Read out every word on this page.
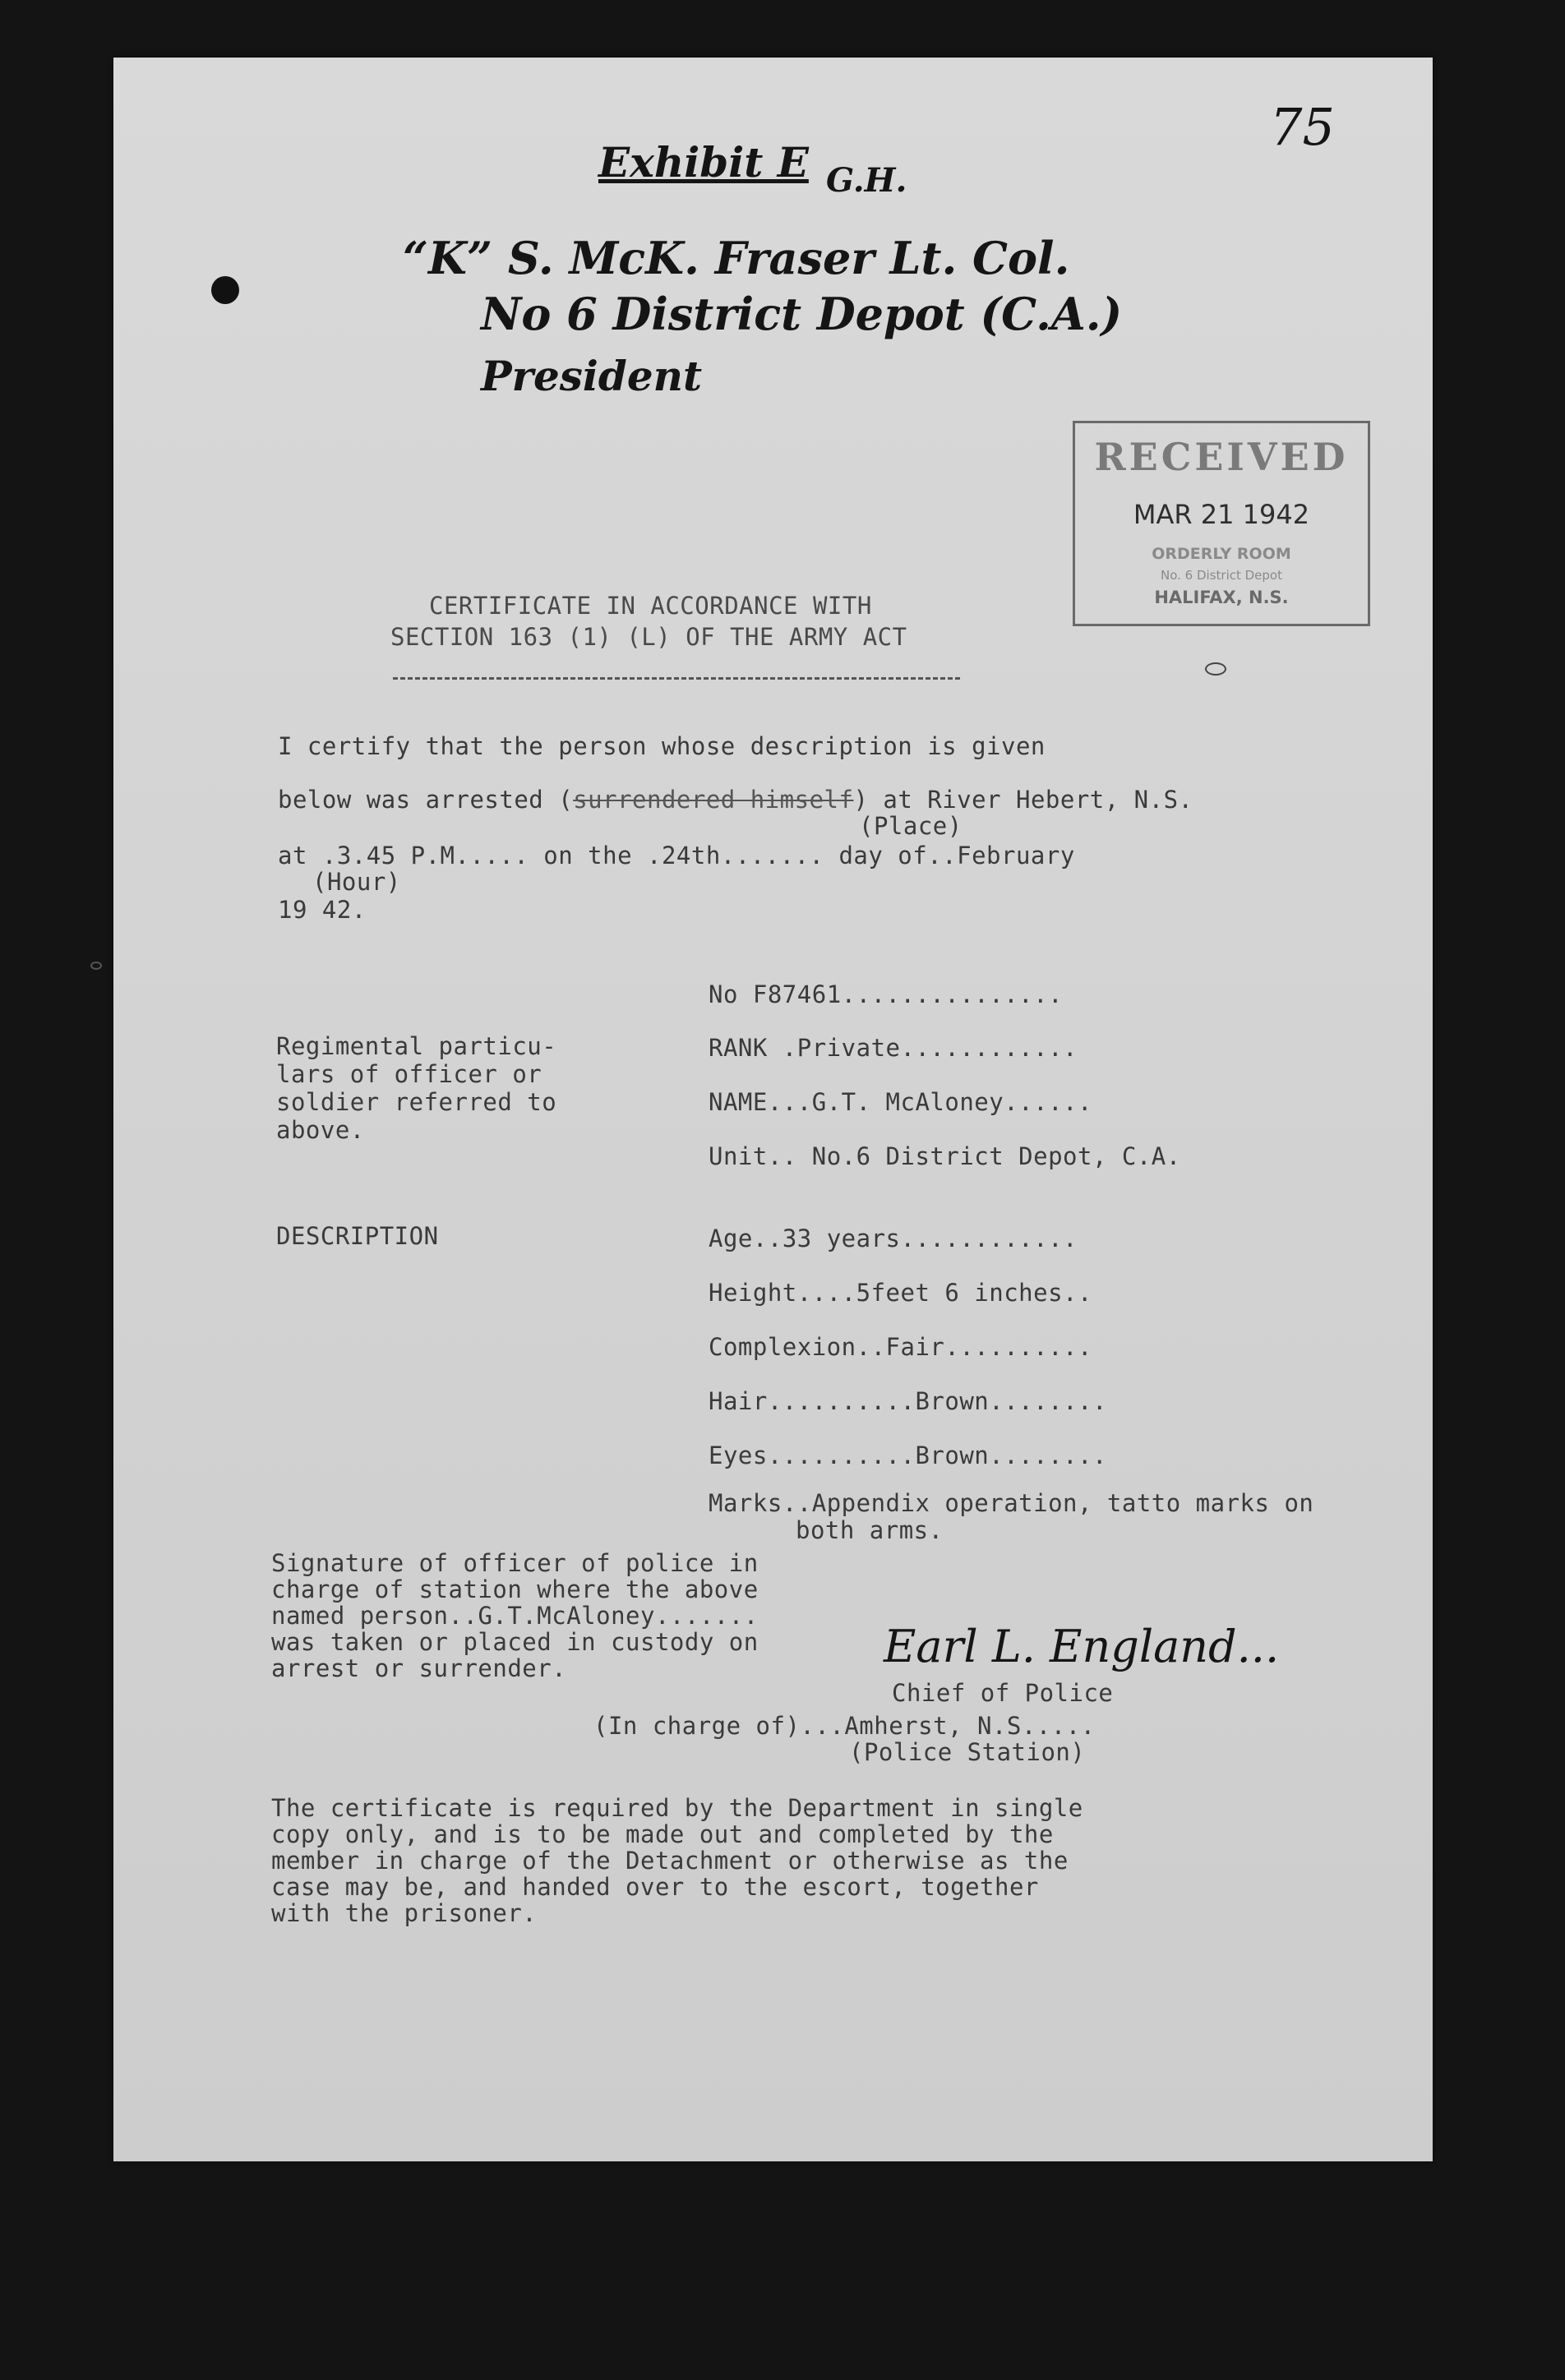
Exhibit E G.H.
75
“K” S. McK. Fraser Lt. Col.
No 6 District Depot (C.A.)
President
RECEIVED
MAR 21 1942
ORDERLY ROOM
No. 6 District Depot
HALIFAX, N.S.
CERTIFICATE IN ACCORDANCE WITH
SECTION 163 (1) (L) OF THE ARMY ACT
I certify that the person whose description is given
below was arrested (surrendered himself) at River Hebert, N.S.
(Place)
at .3.45 P.M..... on the .24th....... day of..February
(Hour)
19 42.
Regimental particu-
lars of officer or
soldier referred to
above.
No F87461...............
RANK .Private............
NAME...G.T. McAloney......
Unit.. No.6 District Depot, C.A.
DESCRIPTION	Age..33 years............
Height....5feet 6 inches..
Complexion..Fair..........
Hair..........Brown........
Eyes..........Brown........
Marks..Appendix operation, tatto marks on
both arms.
Signature of officer of police in
charge of station where the above
named person..G.T.McAloney.......
was taken or placed in custody on
arrest or surrender.	Earl L. England...
Chief of Police
(In charge of)...Amherst, N.S.....
(Police Station)
The certificate is required by the Department in single
copy only, and is to be made out and completed by the
member in charge of the Detachment or otherwise as the
case may be, and handed over to the escort, together
with the prisoner.
